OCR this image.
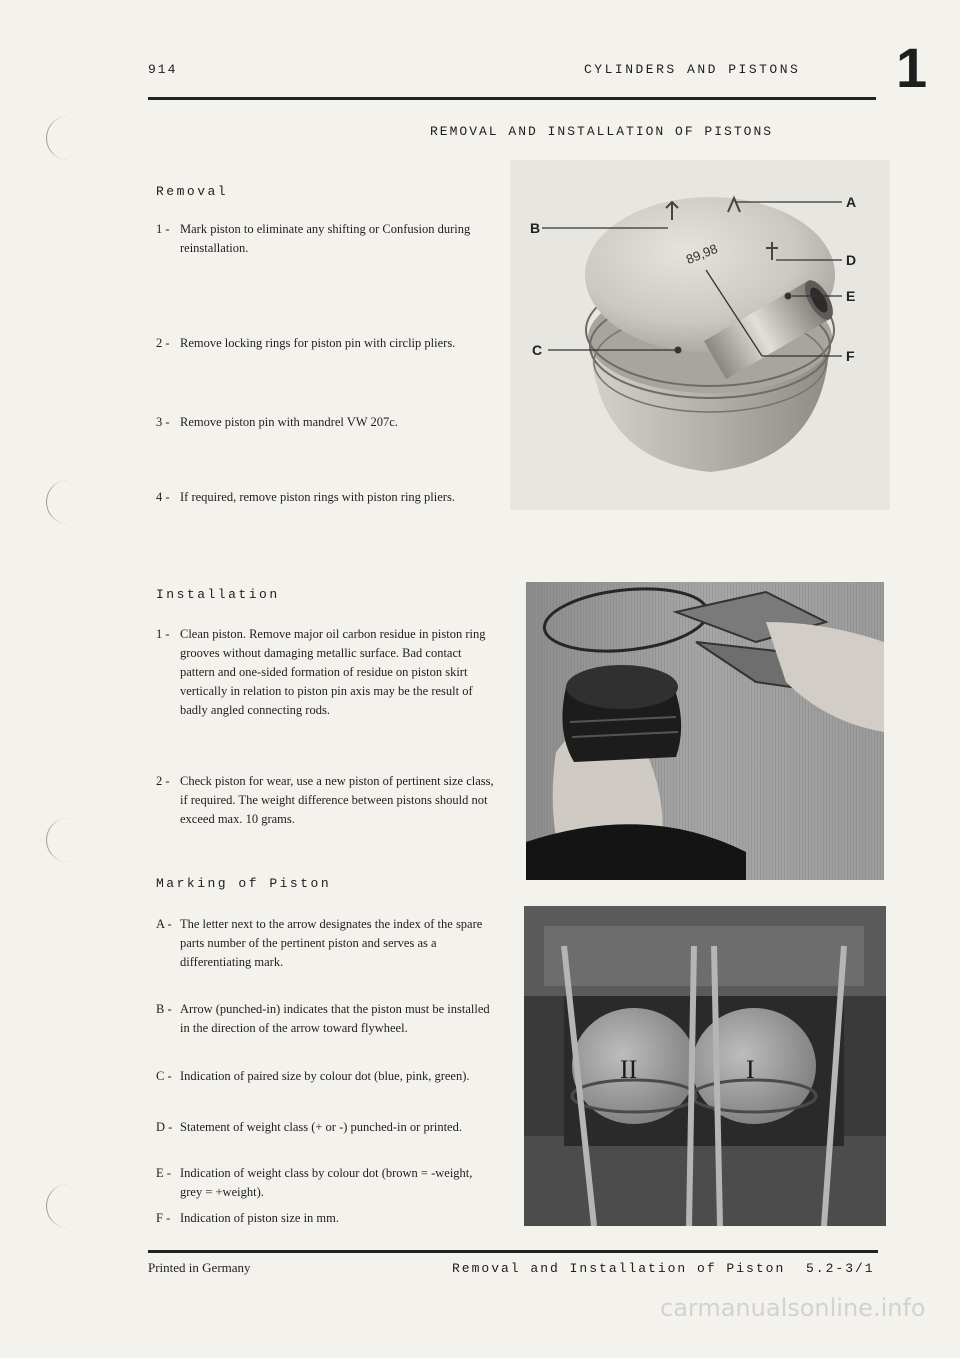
914	CYLINDERS AND PISTONS 1
REMOVAL AND INSTALLATION OF PISTONS
Removal
1 - Mark piston to eliminate any shifting or Confusion during reinstallation.
2 - Remove locking rings for piston pin with circlip pliers.
3 - Remove piston pin with mandrel VW 207c.
4 - If required, remove piston rings with piston ring pliers.
Installation
1 - Clean piston. Remove major oil carbon residue in piston ring grooves without damaging metallic surface. Bad contact pattern and one-sided formation of residue on piston skirt vertically in relation to piston pin axis may be the result of badly angled connecting rods.
2 - Check piston for wear, use a new piston of pertinent size class, if required. The weight difference between pistons should not exceed max. 10 grams.
Marking of Piston
A - The letter next to the arrow designates the index of the spare parts number of the pertinent piston and serves as a differentiating mark.
B - Arrow (punched-in) indicates that the piston must be installed in the direction of the arrow toward flywheel.
C - Indication of paired size by colour dot (blue, pink, green).
D - Statement of weight class (+ or -) punched-in or printed.
E - Indication of weight class by colour dot (brown = -weight, grey = +weight).
F - Indication of piston size in mm.
89,98
B
A
D
E
C	F
II	I
Printed in Germany	Removal and Installation of Piston 5.2-3/1
carmanualsonline.info
